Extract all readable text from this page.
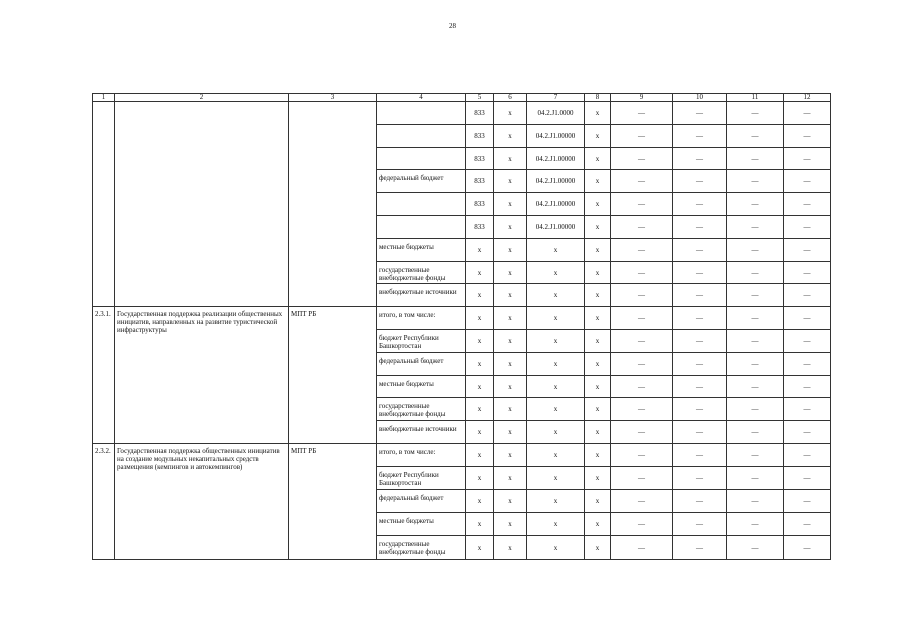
28
1	2	3	4	5	6	7	8	9	10	11	12
				833	x	04.2.J1.0000	x	—	—	—	—
				833	x	04.2.J1.00000	x	—	—	—	—
				833	x	04.2.J1.00000	x	—	—	—	—
			федеральный бюджет	833	x	04.2.J1.00000	x	—	—	—	—
				833	x	04.2.J1.00000	x	—	—	—	—
				833	x	04.2.J1.00000	x	—	—	—	—
			местные бюджеты	x	x	x	x	—	—	—	—
			государственные внебюджетные фонды	x	x	x	x	—	—	—	—
			внебюджетные источники	x	x	x	x	—	—	—	—
2.3.1.	Государственная поддержка реализации общественных инициатив, направленных на развитие туристической инфраструктуры	МПТ РБ	итого, в том числе:	x	x	x	x	—	—	—	—
			бюджет Республики Башкортостан	x	x	x	x	—	—	—	—
			федеральный бюджет	x	x	x	x	—	—	—	—
			местные бюджеты	x	x	x	x	—	—	—	—
			государственные внебюджетные фонды	x	x	x	x	—	—	—	—
			внебюджетные источники	x	x	x	x	—	—	—	—
2.3.2.	Государственная поддержка общественных инициатив на создание модульных некапитальных средств размещения (кемпингов и автокемпингов)	МПТ РБ	итого, в том числе:	x	x	x	x	—	—	—	—
			бюджет Республики Башкортостан	x	x	x	x	—	—	—	—
			федеральный бюджет	x	x	x	x	—	—	—	—
			местные бюджеты	x	x	x	x	—	—	—	—
			государственные внебюджетные фонды	x	x	x	x	—	—	—	—
